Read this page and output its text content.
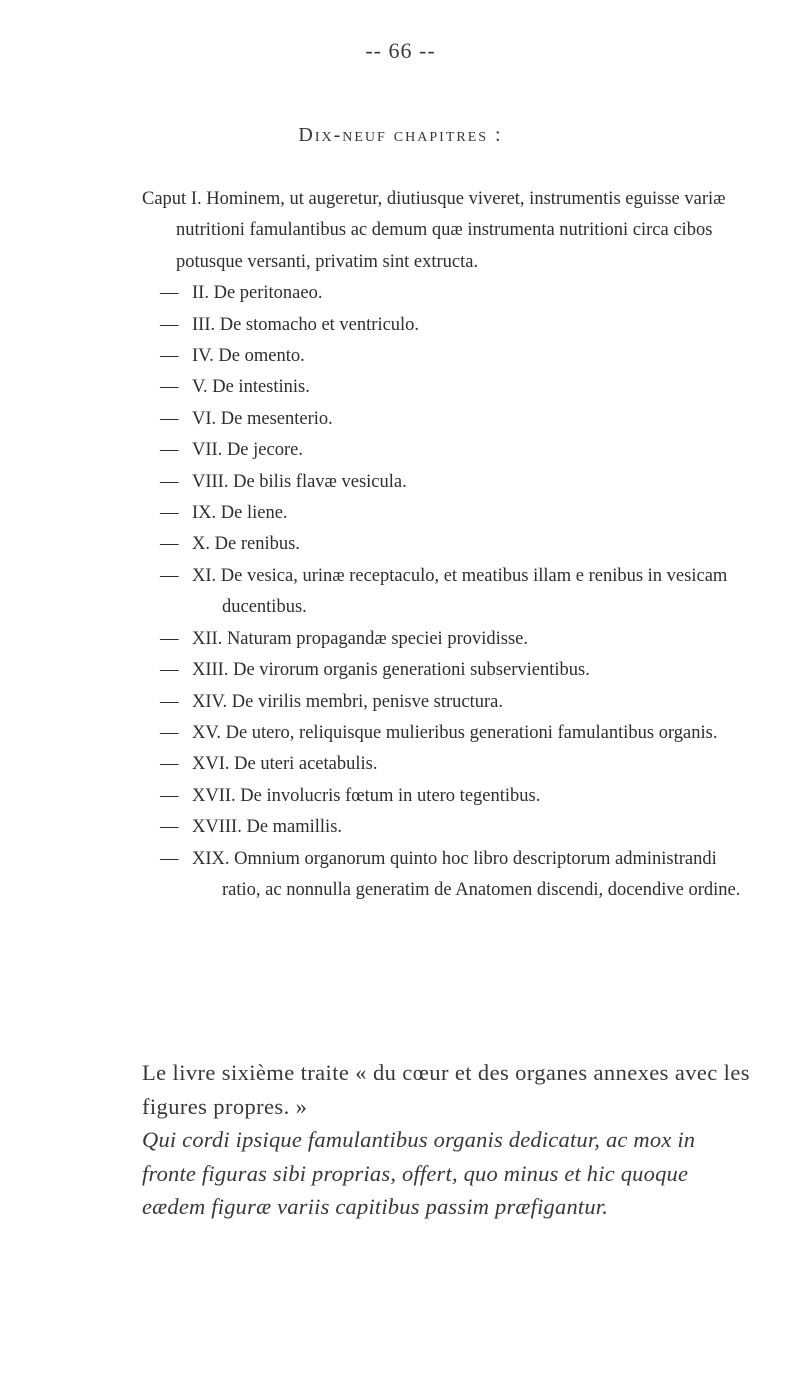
-- 66 --
Dix-neuf chapitres :
Caput I. Hominem, ut augeretur, diutiusque viveret, instrumentis eguisse variæ nutritioni famulantibus ac demum quæ instrumenta nutritioni circa cibos potusque versanti, privatim sint extructa.
— II. De peritonaeo.
— III. De stomacho et ventriculo.
— IV. De omento.
— V. De intestinis.
— VI. De mesenterio.
— VII. De jecore.
— VIII. De bilis flavæ vesicula.
— IX. De liene.
— X. De renibus.
— XI. De vesica, urinæ receptaculo, et meatibus illam e renibus in vesicam ducentibus.
— XII. Naturam propagandæ speciei providisse.
— XIII. De virorum organis generationi subservientibus.
— XIV. De virilis membri, penisve structura.
— XV. De utero, reliquisque mulieribus generationi famulantibus organis.
— XVI. De uteri acetabulis.
— XVII. De involucris fœtum in utero tegentibus.
— XVIII. De mamillis.
— XIX. Omnium organorum quinto hoc libro descriptorum administrandi ratio, ac nonnulla generatim de Anatomen discendi, docendive ordine.

Le livre sixième traite « du cœur et des organes annexes avec les figures propres. »

Qui cordi ipsique famulantibus organis dedicatur, ac mox in fronte figuras sibi proprias, offert, quo minus et hic quoque eædem figuræ variis capitibus passim præfigantur.
